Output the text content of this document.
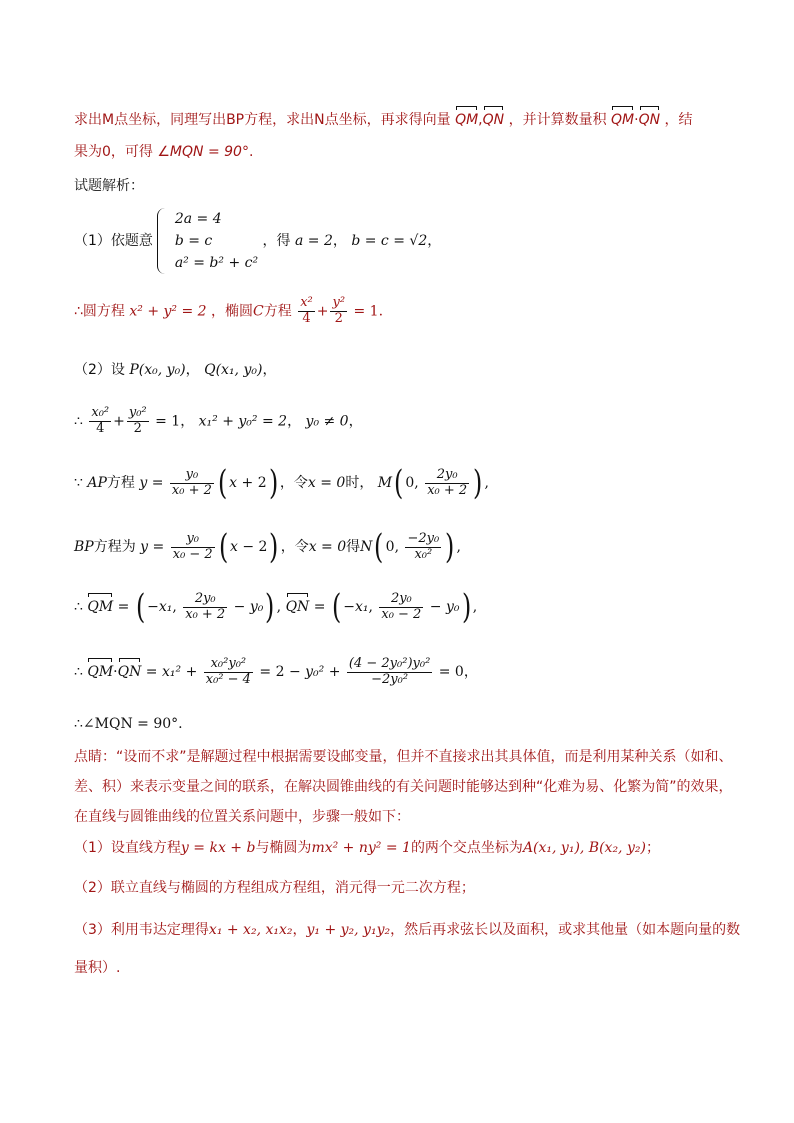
求出M点坐标，同理写出BP方程，求出N点坐标，再求得向量 QM,QN ，并计算数量积 QM·QN ，结
果为0，可得 ∠MQN = 90°.
试题解析：
（1）依题意
2a = 4
b = c
a² = b² + c²
，得 a = 2， b = c = √2，
∴圆方程 x² + y² = 2 ，椭圆C方程 $\frac{\text{x²}}{4} + \frac{\text{y²}}{2} = 1$.
（2）设 P(x₀, y₀)， Q(x₁, y₀)，
∴ $\frac{\text{x₀²}}{4} + \frac{\text{y₀²}}{2} = 1$， x₁² + y₀² = 2， y₀ ≠ 0，
∵ AP方程 $y = \frac{\text{y₀}}{\text{x₀ + 2}}$ ( x + 2) ，令x = 0时， M( 0, $\frac{\text{2y₀}}{\text{x₀ + 2}}$ ) ,
BP方程为 $y = \frac{\text{y₀}}{\text{x₀ − 2}}$ ( x − 2) ，令x = 0得N( 0, $\frac{\text{−2y₀}}{\text{x₀²}}$ ) ,
∴ QM = ( −x₁, $\frac{\text{2y₀}}{\text{x₀ + 2}} - y_0$) , QN = ( −x₁, $\frac{\text{2y₀}}{\text{x₀ − 2}} - y_0$) ,
∴ $QM\cdot QN = x_1^2 + \frac{\text{x₀²y₀²}}{\text{x₀² − 4}} = 2 - y_0^2 + \frac{\text{(4 − 2y₀²)y₀²}}{\text{−2y₀²}} = 0$，
∴∠MQN = 90°.
点睛：“设而不求”是解题过程中根据需要设邮变量，但并不直接求出其具体值，而是利用某种关系（如和、差、积）来表示变量之间的联系，在解决圆锥曲线的有关问题时能够达到种“化难为易、化繁为简”的效果，在直线与圆锥曲线的位置关系问题中，步骤一般如下：
（1）设直线方程y = kx + b与椭圆为mx² + ny² = 1的两个交点坐标为A(x₁, y₁), B(x₂, y₂)；
（2）联立直线与椭圆的方程组成方程组，消元得一元二次方程；
（3）利用韦达定理得x₁ + x₂, x₁x₂，y₁ + y₂, y₁y₂，然后再求弦长以及面积，或求其他量（如本题向量的数
量积）.
